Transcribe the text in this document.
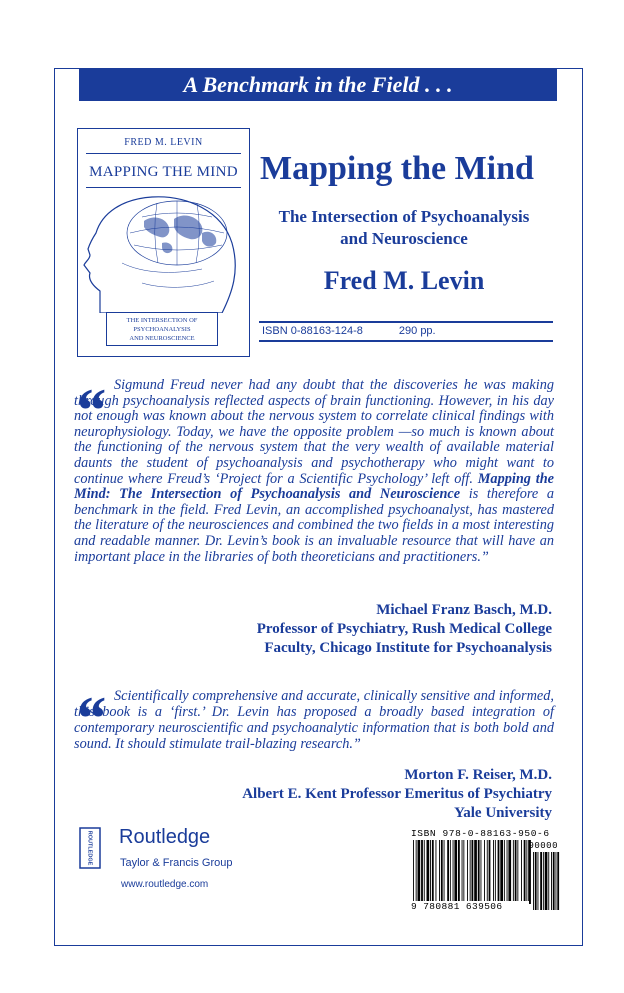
A Benchmark in the Field . . .
FRED M. LEVIN
MAPPING THE MIND
THE INTERSECTION OF
PSYCHOANALYSIS
AND NEUROSCIENCE
Mapping the Mind
The Intersection of Psychoanalysis
and Neuroscience
Fred M. Levin
ISBN 0-88163-124-8	290 pp.
“ Sigmund Freud never had any doubt that the discoveries he was making through psychoanalysis reflected aspects of brain functioning. However, in his day not enough was known about the nervous system to correlate clinical findings with neurophysiology. Today, we have the opposite problem —so much is known about the functioning of the nervous system that the very wealth of available material daunts the student of psychoanalysis and psychotherapy who might want to continue where Freud’s ‘Project for a Scientific Psychology’ left off. Mapping the Mind: The Intersection of Psychoanalysis and Neuroscience is therefore a benchmark in the field. Fred Levin, an accomplished psychoanalyst, has mastered the literature of the neurosciences and combined the two fields in a most interesting and readable manner. Dr. Levin’s book is an invaluable resource that will have an important place in the libraries of both theoreticians and practitioners.”
Michael Franz Basch, M.D.
Professor of Psychiatry, Rush Medical College
Faculty, Chicago Institute for Psychoanalysis
“ Scientifically comprehensive and accurate, clinically sensitive and informed, this book is a ‘first.’ Dr. Levin has proposed a broadly based integration of contemporary neuroscientific and psychoanalytic information that is both bold and sound. It should stimulate trail-blazing research.”
Morton F. Reiser, M.D.
Albert E. Kent Professor Emeritus of Psychiatry
Yale University
ROUTLEDGE Routledge
Taylor & Francis Group
www.routledge.com
ISBN 978-0-88163-950-6
90000
9 780881 639506
